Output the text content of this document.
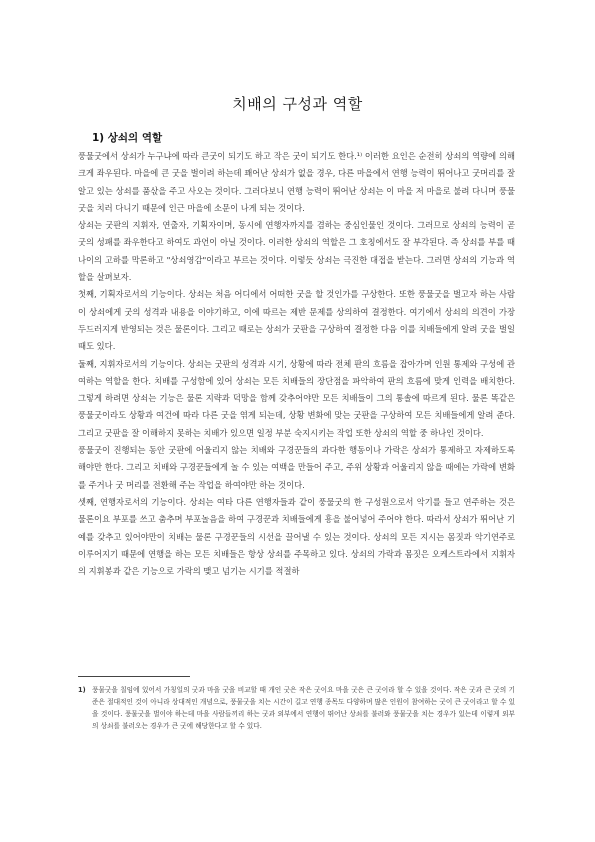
치배의 구성과 역할
1) 상쇠의 역할

풍물굿에서 상쇠가 누구냐에 따라 큰굿이 되기도 하고 작은 굿이 되기도 한다.¹⁾ 이러한 요인은 순전히 상쇠의 역량에 의해 크게 좌우된다. 마을에 큰 굿을 벌이려 하는데 꽤어난 상쇠가 없을 경우, 다른 마을에서 연행 능력이 뛰어나고 굿머리를 잘 알고 있는 상쇠를 품삯을 주고 사오는 것이다. 그러다보니 연행 능력이 뛰어난 상쇠는 이 마을 저 마을로 불려 다니며 풍물굿을 치러 다니기 때문에 인근 마을에 소문이 나게 되는 것이다.

상쇠는 굿판의 지휘자, 연출자, 기획자이며, 동시에 연행자까지를 겸하는 중심인물인 것이다. 그러므로 상쇠의 능력이 곧 굿의 성패를 좌우한다고 하여도 과언이 아닐 것이다. 이러한 상쇠의 역할은 그 호칭에서도 잘 부각된다. 즉 상쇠를 부를 때 나이의 고하를 막론하고 "상쇠영감"이라고 부르는 것이다. 이렇듯 상쇠는 극진한 대접을 받는다. 그러면 상쇠의 기능과 역할을 살펴보자.

첫째, 기획자로서의 기능이다. 상쇠는 처음 어디에서 어떠한 굿을 할 것인가를 구상한다. 또한 풍물굿을 벌고자 하는 사람이 상쇠에게 굿의 성격과 내용을 이야기하고, 이에 따르는 제반 문제를 상의하여 결정한다. 여기에서 상쇠의 의견이 가장 두드러지게 반영되는 것은 물론이다. 그리고 때로는 상쇠가 굿판을 구상하여 결정한 다음 이를 치배들에게 알려 굿을 벌일 때도 있다.

둘째, 지휘자로서의 기능이다. 상쇠는 굿판의 성격과 시기, 상황에 따라 전체 판의 흐름을 잡아가며 인원 통제와 구성에 관여하는 역할을 한다. 치배를 구성함에 있어 상쇠는 모든 치배들의 장단점을 파악하여 판의 흐름에 맞게 인력을 배치한다. 그렇게 하려면 상쇠는 기능은 물론 지략과 덕망을 함께 갖추어야만 모든 치배들이 그의 통솔에 따르게 된다. 물론 똑같은 풍물굿이라도 상황과 여건에 따라 다른 굿을 엮게 되는데, 상황 변화에 맞는 굿판을 구상하여 모든 치배들에게 알려 준다. 그리고 굿판을 잘 이해하지 못하는 치배가 있으면 일정 부분 숙지시키는 작업 또한 상쇠의 역할 중 하나인 것이다.

풍물굿이 진행되는 동안 굿판에 어울리지 않는 치배와 구경꾼들의 과다한 행동이나 가락은 상쇠가 통제하고 자제하도록 해야만 한다. 그리고 치배와 구경꾼들에게 놀 수 있는 여백을 만들어 주고, 주위 상황과 어울리지 않을 때에는 가락에 변화를 주거나 굿 머리를 전환해 주는 작업을 하여야만 하는 것이다.

셋째, 연행자로서의 기능이다. 상쇠는 여타 다른 연행자들과 같이 풍물굿의 한 구성원으로서 악기를 들고 연주하는 것은 물론이요 부포를 쓰고 춤추며 부포놀음을 하여 구경꾼과 치배들에게 흥을 불어넣어 주어야 한다. 따라서 상쇠가 뛰어난 기예를 갖추고 있어야만이 치배는 물론 구경꾼들의 시선을 끌어낼 수 있는 것이다. 상쇠의 모든 지시는 몸짓과 악기연주로 이루어지기 때문에 연행을 하는 모든 치배들은 항상 상쇠를 주목하고 있다. 상쇠의 가락과 몸짓은 오케스트라에서 지휘자의 지휘봉과 같은 기능으로 가락의 맺고 넘기는 시기를 적절하

1) 풍물굿을 칠임에 있어서 가칭일의 굿과 마을 굿을 비교할 때 개인 굿은 작은 굿이요 마을 굿은 큰 굿이라 할 수 있을 것이다. 작은 굿과 큰 굿의 기준은 절대적인 것이 아니라 상대적인 개념으로, 풍물굿을 치는 시간이 길고 연행 종목도 다양하며 많은 인원이 참여하는 굿이 큰 굿이라고 할 수 있을 것이다. 풍물굿을 벌이야 하는데 마을 사람들끼리 하는 굿과 외부에서 연행이 뛰어난 상쇠를 불러와 풍물굿을 치는 경우가 있는데 이렇게 외부의 상쇠를 불러오는 경우가 큰 굿에 해당한다고 할 수 있다.
